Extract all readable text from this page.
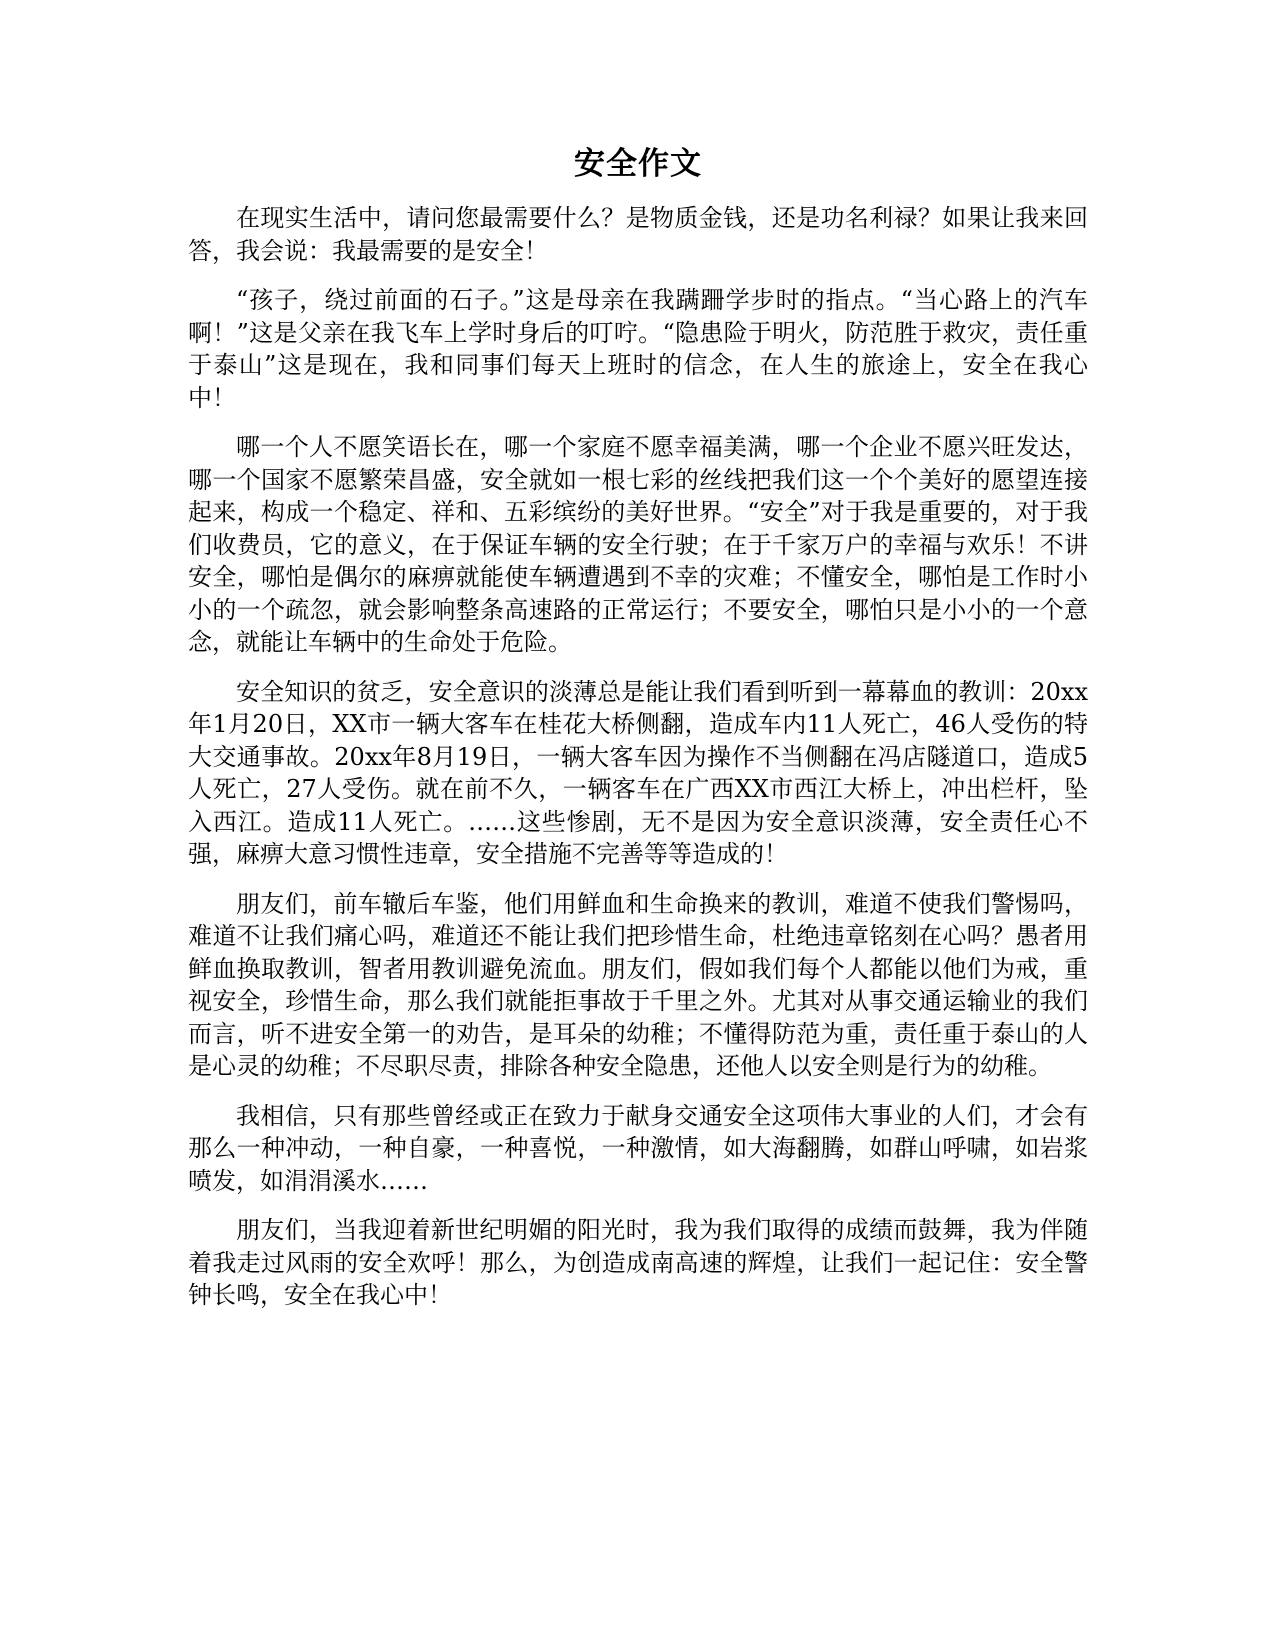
安全作文

在现实生活中，请问您最需要什么？是物质金钱，还是功名利禄？如果让我来回答，我会说：我最需要的是安全！

“孩子，绕过前面的石子。”这是母亲在我蹒跚学步时的指点。“当心路上的汽车啊！”这是父亲在我飞车上学时身后的叮咛。“隐患险于明火，防范胜于救灾，责任重于泰山”这是现在，我和同事们每天上班时的信念，在人生的旅途上，安全在我心中！

哪一个人不愿笑语长在，哪一个家庭不愿幸福美满，哪一个企业不愿兴旺发达，哪一个国家不愿繁荣昌盛，安全就如一根七彩的丝线把我们这一个个美好的愿望连接起来，构成一个稳定、祥和、五彩缤纷的美好世界。“安全”对于我是重要的，对于我们收费员，它的意义，在于保证车辆的安全行驶；在于千家万户的幸福与欢乐！不讲安全，哪怕是偶尔的麻痹就能使车辆遭遇到不幸的灾难；不懂安全，哪怕是工作时小小的一个疏忽，就会影响整条高速路的正常运行；不要安全，哪怕只是小小的一个意念，就能让车辆中的生命处于危险。

安全知识的贫乏，安全意识的淡薄总是能让我们看到听到一幕幕血的教训：20xx年1月20日，XX市一辆大客车在桂花大桥侧翻，造成车内11人死亡，46人受伤的特大交通事故。20xx年8月19日，一辆大客车因为操作不当侧翻在冯店隧道口，造成5人死亡，27人受伤。就在前不久，一辆客车在广西XX市西江大桥上，冲出栏杆，坠入西江。造成11人死亡。……这些惨剧，无不是因为安全意识淡薄，安全责任心不强，麻痹大意习惯性违章，安全措施不完善等等造成的！

朋友们，前车辙后车鉴，他们用鲜血和生命换来的教训，难道不使我们警惕吗，难道不让我们痛心吗，难道还不能让我们把珍惜生命，杜绝违章铭刻在心吗？愚者用鲜血换取教训，智者用教训避免流血。朋友们，假如我们每个人都能以他们为戒，重视安全，珍惜生命，那么我们就能拒事故于千里之外。尤其对从事交通运输业的我们而言，听不进安全第一的劝告，是耳朵的幼稚；不懂得防范为重，责任重于泰山的人是心灵的幼稚；不尽职尽责，排除各种安全隐患，还他人以安全则是行为的幼稚。

我相信，只有那些曾经或正在致力于献身交通安全这项伟大事业的人们，才会有那么一种冲动，一种自豪，一种喜悦，一种激情，如大海翻腾，如群山呼啸，如岩浆喷发，如涓涓溪水……

朋友们，当我迎着新世纪明媚的阳光时，我为我们取得的成绩而鼓舞，我为伴随着我走过风雨的安全欢呼！那么，为创造成南高速的辉煌，让我们一起记住：安全警钟长鸣，安全在我心中！
